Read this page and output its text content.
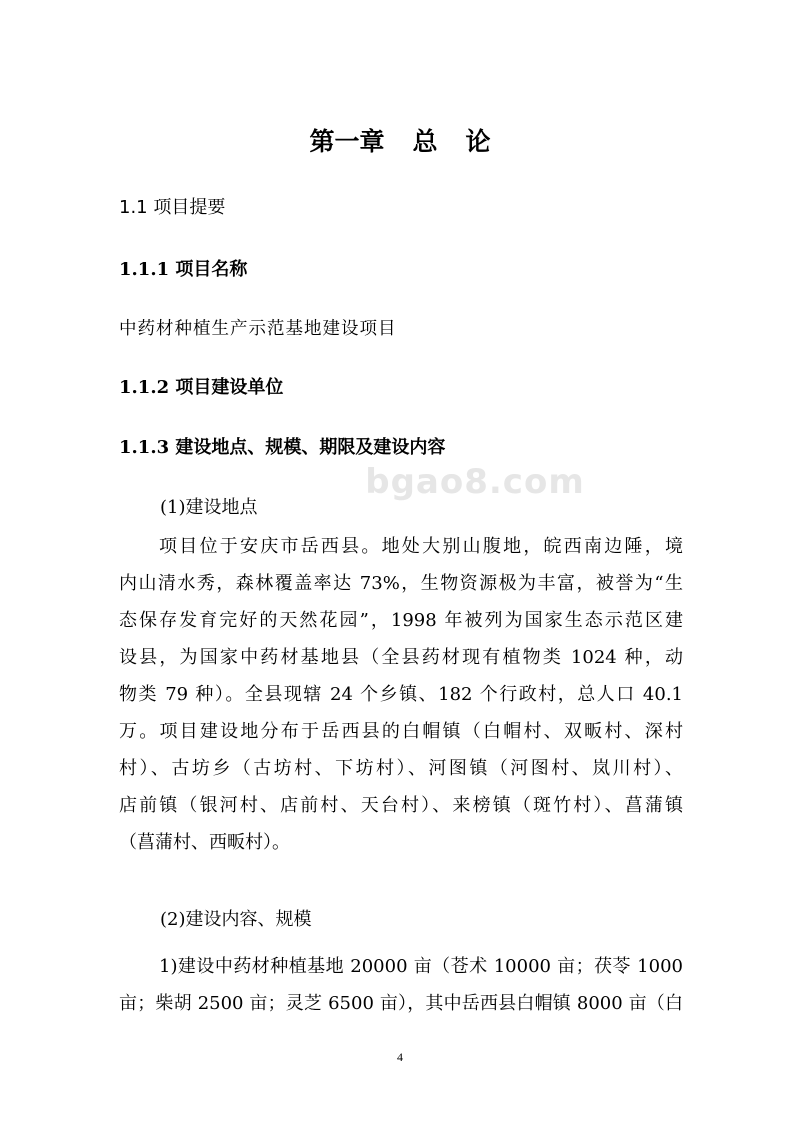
bgao8.com
第一章 总 论
1.1 项目提要
1.1.1 项目名称
中药材种植生产示范基地建设项目
1.1.2 项目建设单位
1.1.3 建设地点、规模、期限及建设内容
(1)建设地点

项目位于安庆市岳西县。地处大别山腹地，皖西南边陲，境

内山清水秀，森林覆盖率达 73%，生物资源极为丰富，被誉为“生

态保存发育完好的天然花园”，1998 年被列为国家生态示范区建

设县，为国家中药材基地县（全县药材现有植物类 1024 种，动

物类 79 种）。全县现辖 24 个乡镇、182 个行政村，总人口 40.1

万。项目建设地分布于岳西县的白帽镇（白帽村、双畈村、深村

村）、古坊乡（古坊村、下坊村）、河图镇（河图村、岚川村）、

店前镇（银河村、店前村、天台村）、来榜镇（斑竹村）、菖蒲镇

（菖蒲村、西畈村）。

(2)建设内容、规模

1)建设中药材种植基地 20000 亩（苍术 10000 亩；茯苓 1000

亩；柴胡 2500 亩；灵芝 6500 亩），其中岳西县白帽镇 8000 亩（白

4
